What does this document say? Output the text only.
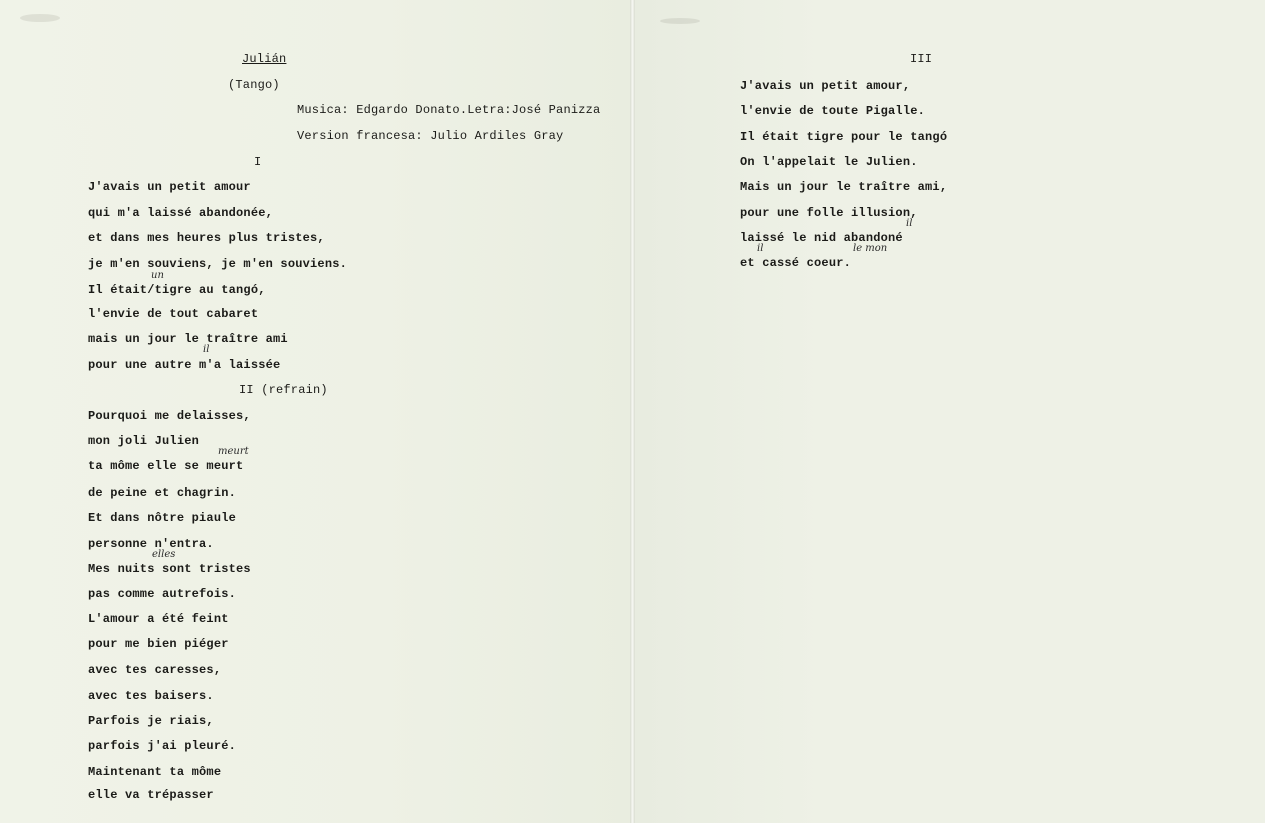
Julián
(Tango)
Musica: Edgardo Donato.Letra:José Panizza
Version francesa: Julio Ardiles Gray
I
J'avais un petit amour
qui m'a laissé abandonée,
et dans mes heures plus tristes,
je m'en souviens, je m'en souviens.
Il était/tigre au tangó,
l'envie de tout cabaret
mais un jour le traître ami
pour une autre m'a laissée
un
il
II (refrain)
Pourquoi me delaisses,
mon joli Julien
ta môme elle se meurt
de peine et chagrin.
Et dans nôtre piaule
personne n'entra.
Mes nuits sont tristes
pas comme autrefois.
L'amour a été feint
pour me bien piéger
avec tes caresses,
avec tes baisers.
Parfois je riais,
parfois j'ai pleuré.
Maintenant ta môme
elle va trépasser
meurt
elles
III
J'avais un petit amour,
l'envie de toute Pigalle.
Il était tigre pour le tangó
On l'appelait le Julien.
Mais un jour le traître ami,
pour une folle illusion,
laissé le nid abandoné
et cassé coeur.
il
il	le mon
